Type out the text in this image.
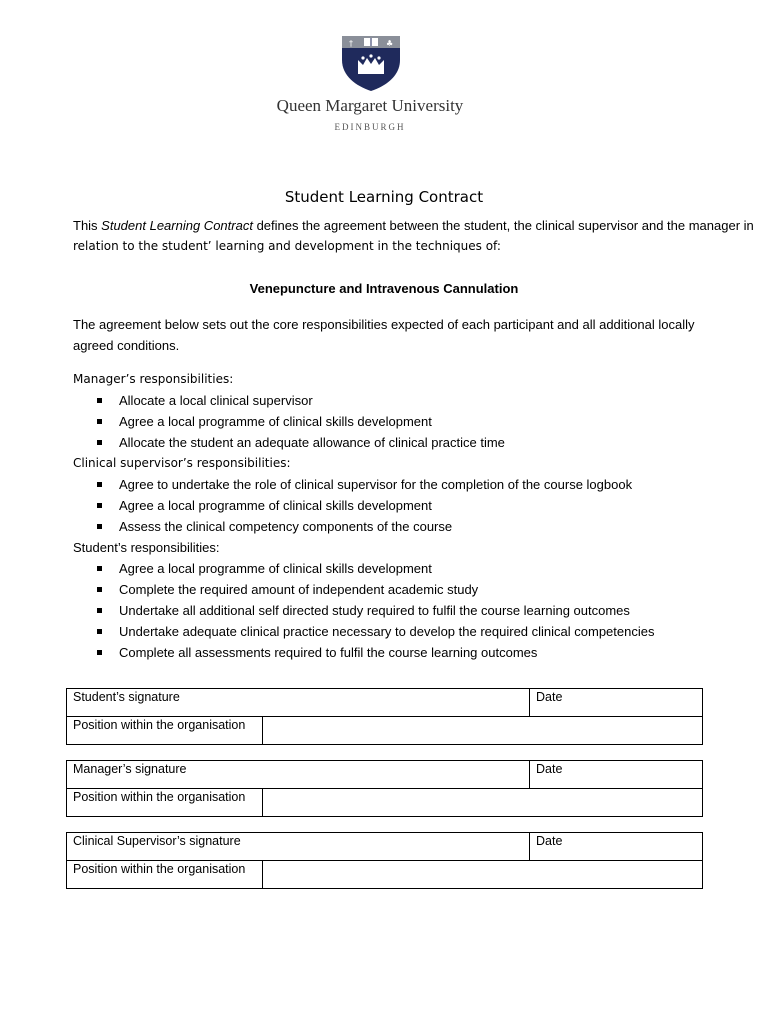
†	♣
Queen Margaret University
EDINBURGH
Student Learning Contract
This Student Learning Contract defines the agreement between the student, the clinical supervisor and the manager in
relation to the student’ learning and development in the techniques of:
Venepuncture and Intravenous Cannulation
The agreement below sets out the core responsibilities expected of each participant and all additional locally agreed conditions.
Manager’s responsibilities:
Allocate a local clinical supervisor
Agree a local programme of clinical skills development
Allocate the student an adequate allowance of clinical practice time
Clinical supervisor’s responsibilities:
Agree to undertake the role of clinical supervisor for the completion of the course logbook
Agree a local programme of clinical skills development
Assess the clinical competency components of the course
Student’s responsibilities:
Agree a local programme of clinical skills development
Complete the required amount of independent academic study
Undertake all additional self directed study required to fulfil the course learning outcomes
Undertake adequate clinical practice necessary to develop the required clinical competencies
Complete all assessments required to fulfil the course learning outcomes
Student’s signature		Date
Position within the organisation		
Manager’s signature		Date
Position within the organisation		
Clinical Supervisor’s signature		Date
Position within the organisation		
